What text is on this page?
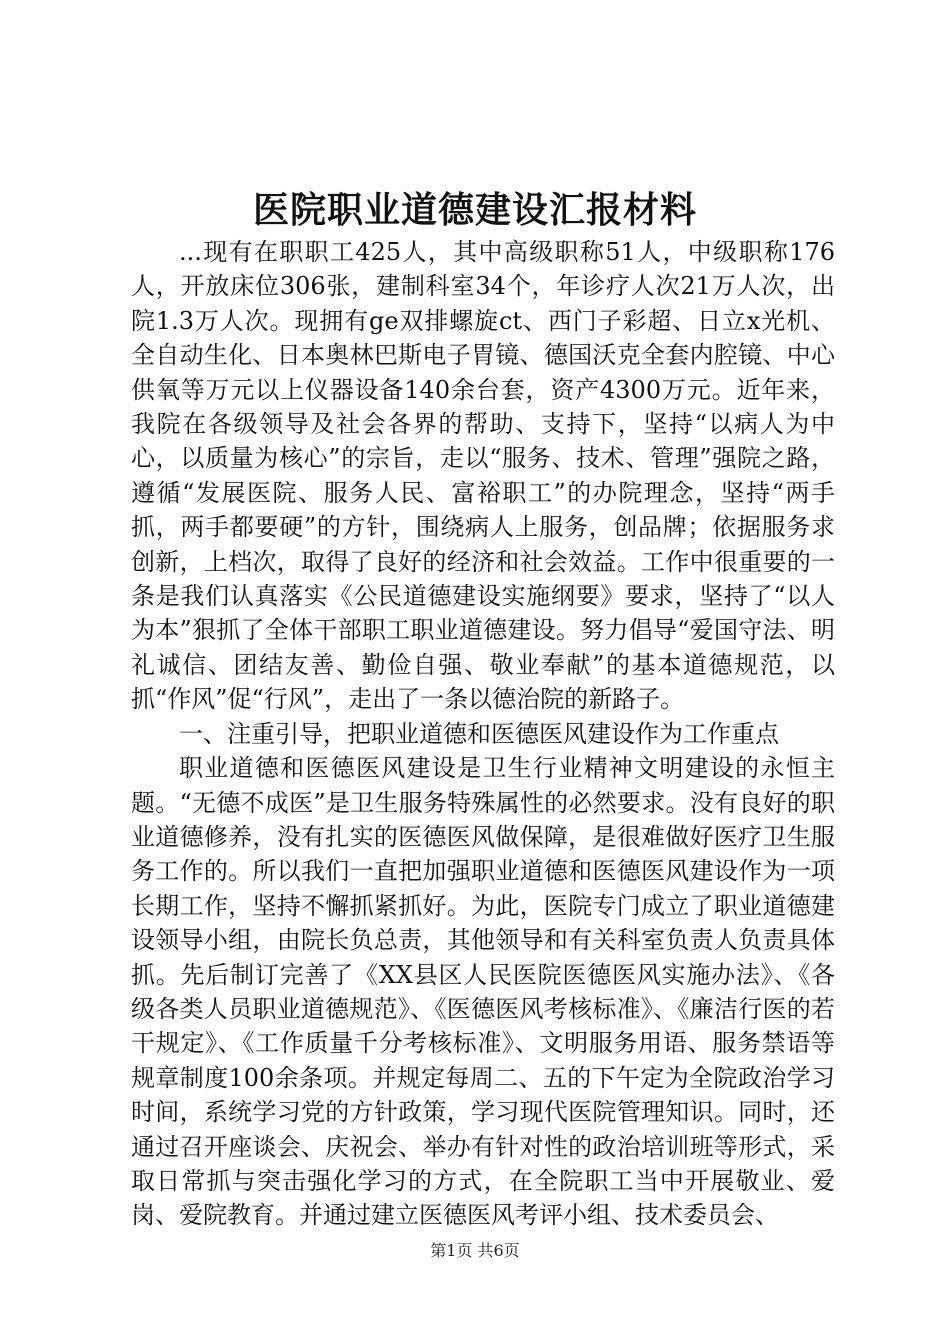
医院职业道德建设汇报材料

...现有在职职工425人，其中高级职称51人，中级职称176人，开放床位306张，建制科室34个，年诊疗人次21万人次，出院1.3万人次。现拥有ge双排螺旋ct、西门子彩超、日立x光机、全自动生化、日本奥林巴斯电子胃镜、德国沃克全套内腔镜、中心供氧等万元以上仪器设备140余台套，资产4300万元。近年来，我院在各级领导及社会各界的帮助、支持下，坚持“以病人为中心，以质量为核心”的宗旨，走以“服务、技术、管理”强院之路，遵循“发展医院、服务人民、富裕职工”的办院理念，坚持“两手抓，两手都要硬”的方针，围绕病人上服务，创品牌；依据服务求创新，上档次，取得了良好的经济和社会效益。工作中很重要的一条是我们认真落实《公民道德建设实施纲要》要求，坚持了“以人为本”狠抓了全体干部职工职业道德建设。努力倡导“爱国守法、明礼诚信、团结友善、勤俭自强、敬业奉献”的基本道德规范，以抓“作风”促“行风”，走出了一条以德治院的新路子。

一、注重引导，把职业道德和医德医风建设作为工作重点

职业道德和医德医风建设是卫生行业精神文明建设的永恒主题。“无德不成医”是卫生服务特殊属性的必然要求。没有良好的职业道德修养，没有扎实的医德医风做保障，是很难做好医疗卫生服务工作的。所以我们一直把加强职业道德和医德医风建设作为一项长期工作，坚持不懈抓紧抓好。为此，医院专门成立了职业道德建设领导小组，由院长负总责，其他领导和有关科室负责人负责具体抓。先后制订完善了《XX县区人民医院医德医风实施办法》、《各级各类人员职业道德规范》、《医德医风考核标准》、《廉洁行医的若干规定》、《工作质量千分考核标准》、文明服务用语、服务禁语等规章制度100余条项。并规定每周二、五的下午定为全院政治学习时间，系统学习党的方针政策，学习现代医院管理知识。同时，还通过召开座谈会、庆祝会、举办有针对性的政治培训班等形式，采取日常抓与突击强化学习的方式，在全院职工当中开展敬业、爱岗、爱院教育。并通过建立医德医风考评小组、技术委员会、

第1页 共6页
